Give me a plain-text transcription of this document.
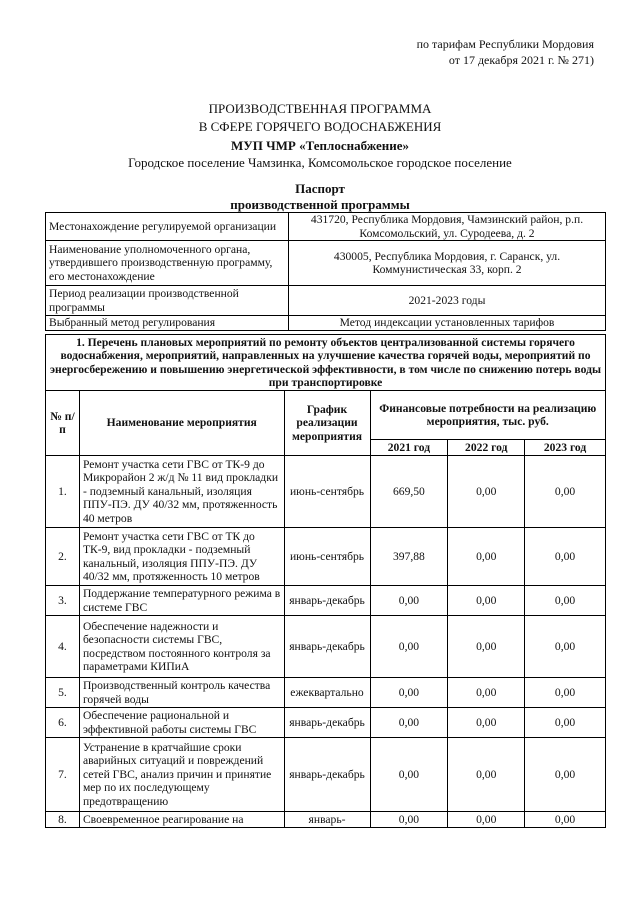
по тарифам Республики Мордовия
от 17 декабря 2021 г. № 271)
ПРОИЗВОДСТВЕННАЯ ПРОГРАММА
В СФЕРЕ ГОРЯЧЕГО ВОДОСНАБЖЕНИЯ
МУП ЧМР «Теплоснабжение»
Городское поселение Чамзинка, Комсомольское городское поселение
Паспорт
производственной программы
Местонахождение регулируемой организации	431720, Республика Мордовия, Чамзинский район, р.п. Комсомольский, ул. Суродеева, д. 2
Наименование уполномоченного органа, утвердившего производственную программу, его местонахождение	430005, Республика Мордовия, г. Саранск, ул. Коммунистическая 33, корп. 2
Период реализации производственной программы	2021-2023 годы
Выбранный метод регулирования	Метод индексации установленных тарифов
1. Перечень плановых мероприятий по ремонту объектов централизованной системы горячего водоснабжения, мероприятий, направленных на улучшение качества горячей воды, мероприятий по энергосбережению и повышению энергетической эффективности, в том числе по снижению потерь воды при транспортировке					
№ п/п	Наименование мероприятия	График реализации мероприятия	Финансовые потребности на реализацию мероприятия, тыс. руб.		
			2021 год	2022 год	2023 год
1.	Ремонт участка сети ГВС от ТК-9 до Микрорайон 2 ж/д № 11 вид прокладки - подземный канальный, изоляция ППУ-ПЭ. ДУ 40/32 мм, протяженность 40 метров	июнь-сентябрь	669,50	0,00	0,00
2.	Ремонт участка сети ГВС от ТК до ТК-9, вид прокладки - подземный канальный, изоляция ППУ-ПЭ. ДУ 40/32 мм, протяженность 10 метров	июнь-сентябрь	397,88	0,00	0,00
3.	Поддержание температурного режима в системе ГВС	январь-декабрь	0,00	0,00	0,00
4.	Обеспечение надежности и безопасности системы ГВС, посредством постоянного контроля за параметрами КИПиА	январь-декабрь	0,00	0,00	0,00
5.	Производственный контроль качества горячей воды	ежеквартально	0,00	0,00	0,00
6.	Обеспечение рациональной и эффективной работы системы ГВС	январь-декабрь	0,00	0,00	0,00
7.	Устранение в кратчайшие сроки аварийных ситуаций и повреждений сетей ГВС, анализ причин и принятие мер по их последующему предотвращению	январь-декабрь	0,00	0,00	0,00
8.	Своевременное реагирование на	январь-	0,00	0,00	0,00
